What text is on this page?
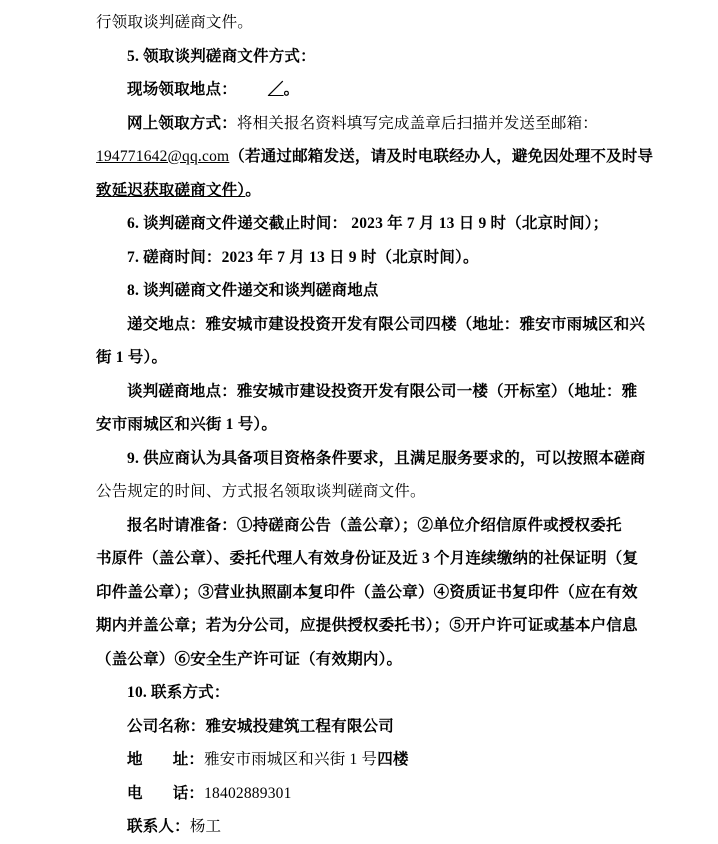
行领取谈判磋商文件。

5. 领取谈判磋商文件方式：

现场领取地点：／。

网上领取方式：将相关报名资料填写完成盖章后扫描并发送至邮箱：

194771642@qq.com（若通过邮箱发送，请及时电联经办人，避免因处理不及时导

致延迟获取磋商文件）。

6. 谈判磋商文件递交截止时间： 2023 年 7 月 13 日 9 时（北京时间）；

7. 磋商时间：2023 年 7 月 13 日 9 时（北京时间）。

8. 谈判磋商文件递交和谈判磋商地点

递交地点：雅安城市建设投资开发有限公司四楼（地址：雅安市雨城区和兴

街 1 号）。

谈判磋商地点：雅安城市建设投资开发有限公司一楼（开标室）（地址：雅

安市雨城区和兴街 1 号）。

9. 供应商认为具备项目资格条件要求，且满足服务要求的，可以按照本磋商

公告规定的时间、方式报名领取谈判磋商文件。

报名时请准备：①持磋商公告（盖公章）；②单位介绍信原件或授权委托

书原件（盖公章）、委托代理人有效身份证及近 3 个月连续缴纳的社保证明（复

印件盖公章）；③营业执照副本复印件（盖公章）④资质证书复印件（应在有效

期内并盖公章；若为分公司，应提供授权委托书）；⑤开户许可证或基本户信息

（盖公章）⑥安全生产许可证（有效期内）。

10. 联系方式：

公司名称：雅安城投建筑工程有限公司

地 址：雅安市雨城区和兴街 1 号四楼

电 话：18402889301

联系人：杨工
